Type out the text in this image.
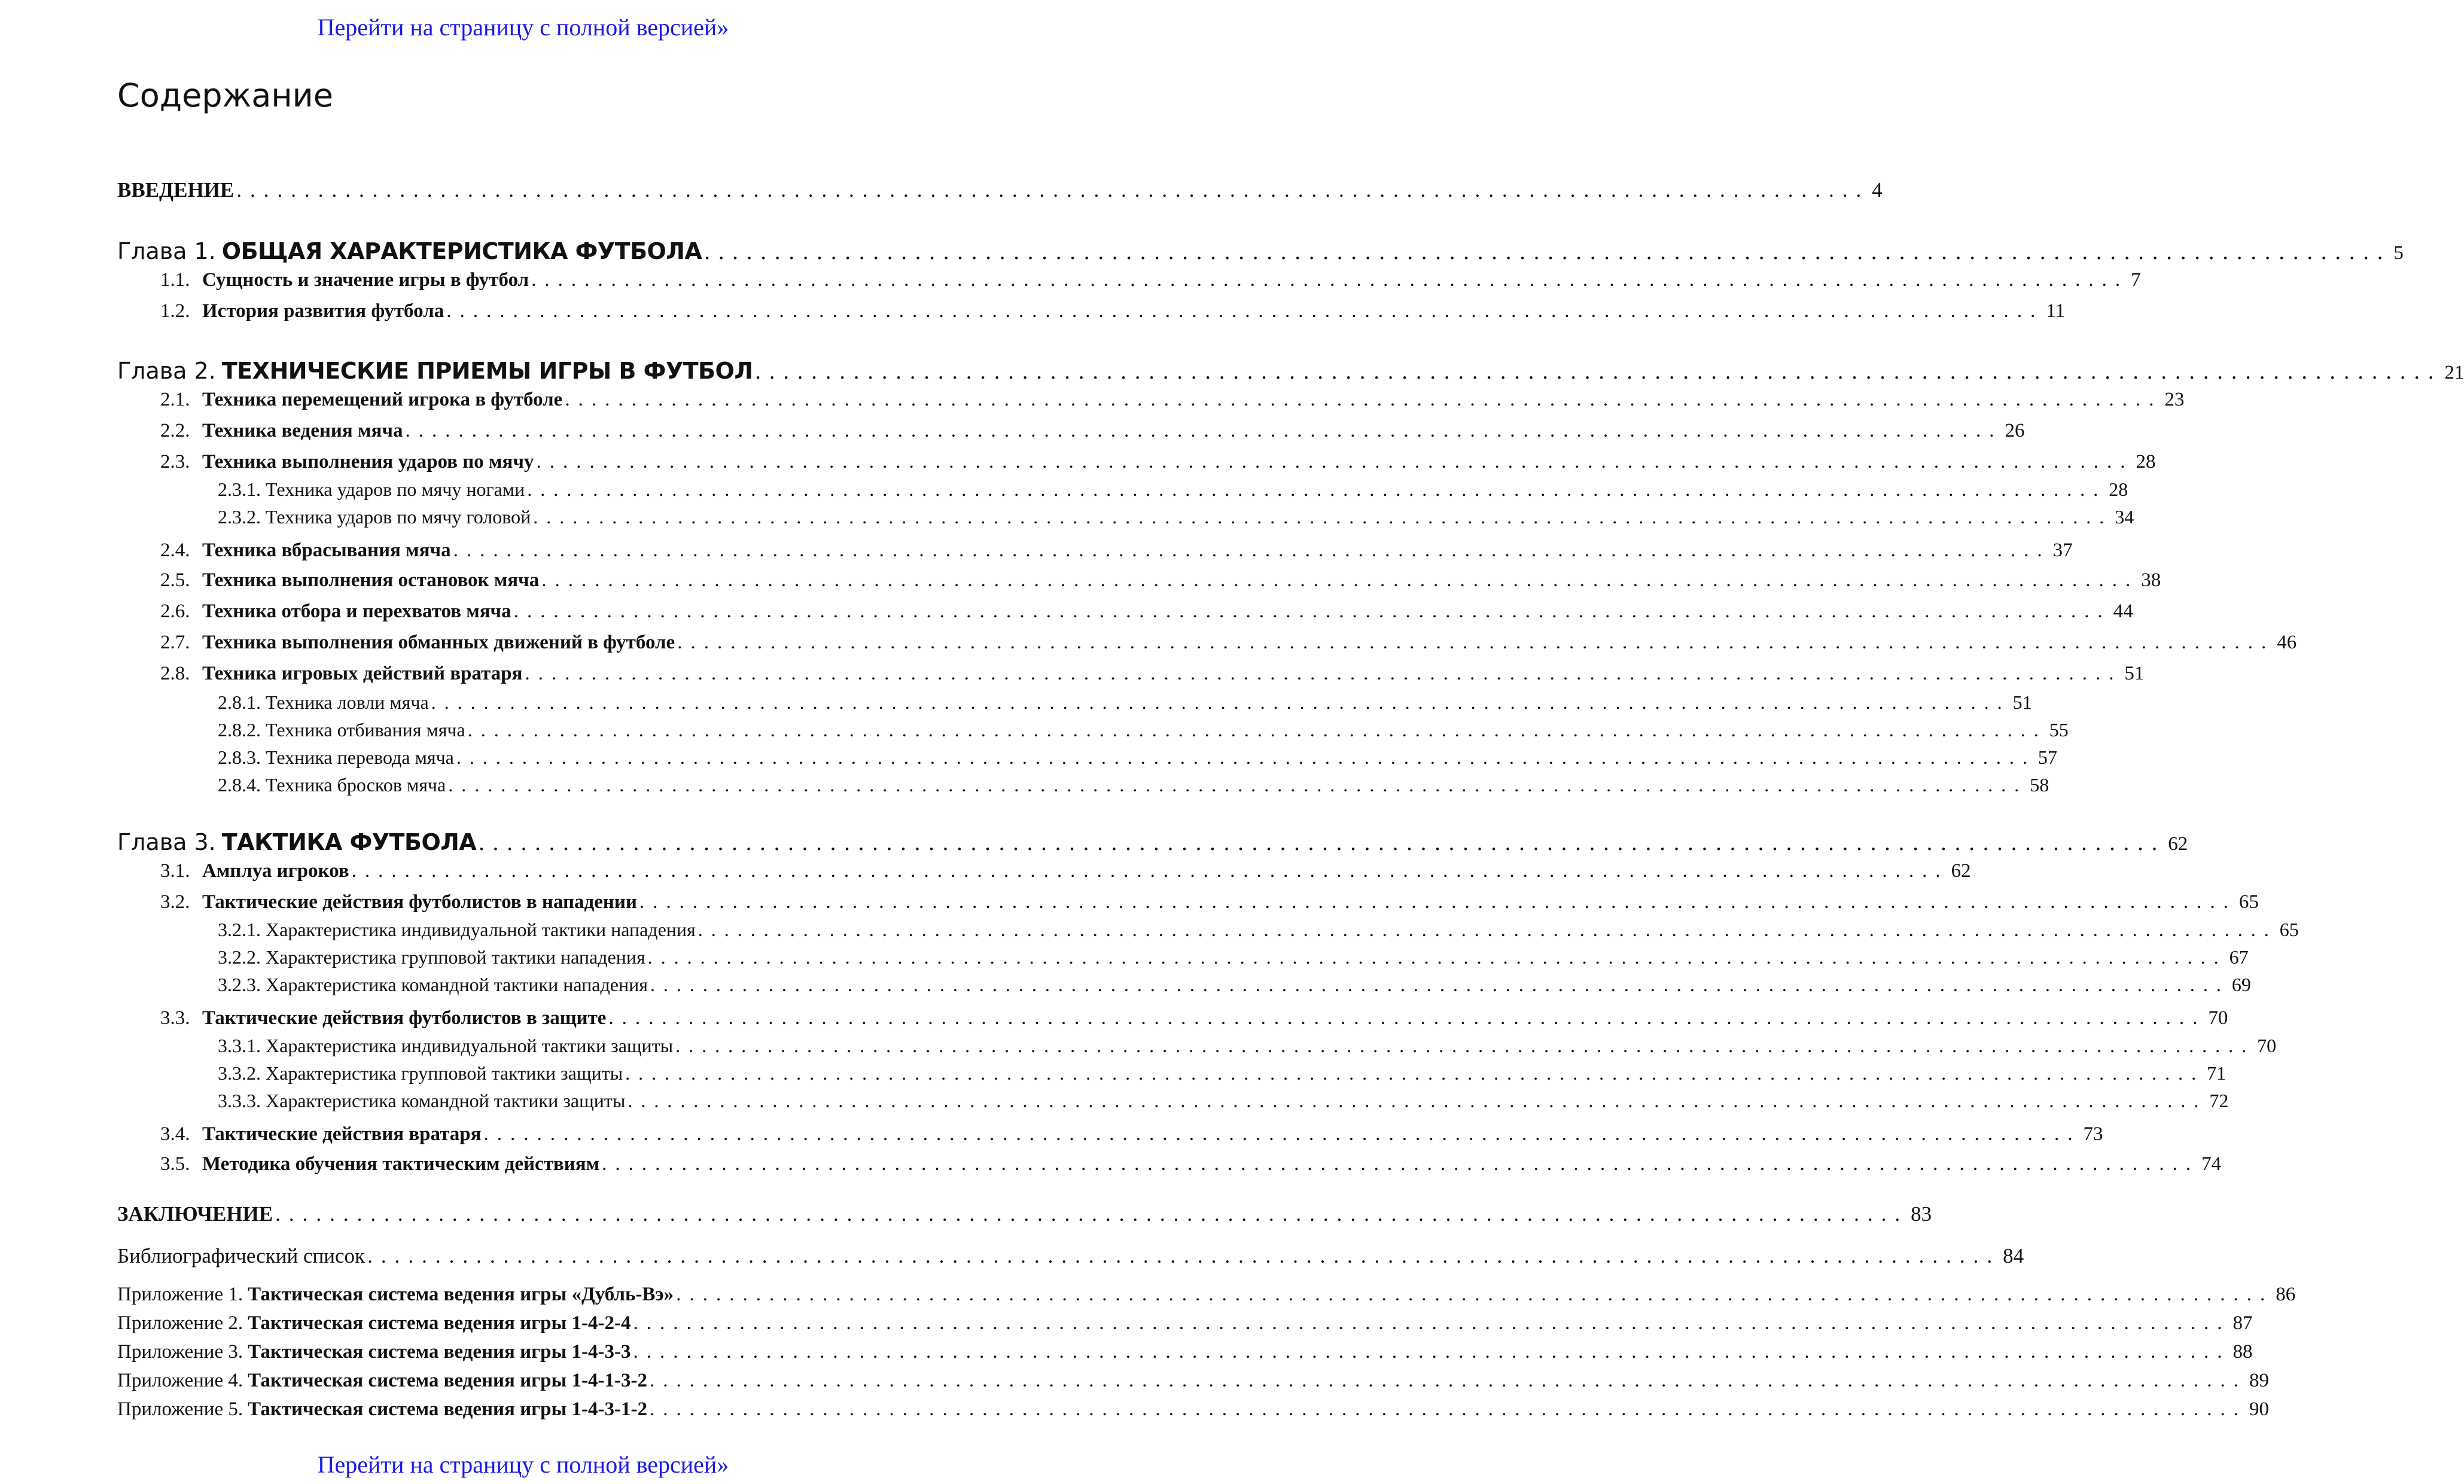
Перейти на страницу с полной версией»
Содержание
ВВЕДЕНИЕ ........................................................................................................................ 4
Глава 1. ОБЩАЯ ХАРАКТЕРИСТИКА ФУТБОЛА ........................................................................................................................ 5
1.1. Сущность и значение игры в футбол ........................................................................................................................ 7
1.2. История развития футбола ........................................................................................................................ 11
Глава 2. ТЕХНИЧЕСКИЕ ПРИЕМЫ ИГРЫ В ФУТБОЛ ........................................................................................................................ 21
2.1. Техника перемещений игрока в футболе ........................................................................................................................ 23
2.2. Техника ведения мяча ........................................................................................................................ 26
2.3. Техника выполнения ударов по мячу ........................................................................................................................ 28
2.3.1. Техника ударов по мячу ногами ........................................................................................................................ 28
2.3.2. Техника ударов по мячу головой ........................................................................................................................ 34
2.4. Техника вбрасывания мяча ........................................................................................................................ 37
2.5. Техника выполнения остановок мяча ........................................................................................................................ 38
2.6. Техника отбора и перехватов мяча ........................................................................................................................ 44
2.7. Техника выполнения обманных движений в футболе ........................................................................................................................ 46
2.8. Техника игровых действий вратаря ........................................................................................................................ 51
2.8.1. Техника ловли мяча ........................................................................................................................ 51
2.8.2. Техника отбивания мяча ........................................................................................................................ 55
2.8.3. Техника перевода мяча ........................................................................................................................ 57
2.8.4. Техника бросков мяча ........................................................................................................................ 58
Глава 3. ТАКТИКА ФУТБОЛА ........................................................................................................................ 62
3.1. Амплуа игроков ........................................................................................................................ 62
3.2. Тактические действия футболистов в нападении ........................................................................................................................ 65
3.2.1. Характеристика индивидуальной тактики нападения ........................................................................................................................ 65
3.2.2. Характеристика групповой тактики нападения ........................................................................................................................ 67
3.2.3. Характеристика командной тактики нападения ........................................................................................................................ 69
3.3. Тактические действия футболистов в защите ........................................................................................................................ 70
3.3.1. Характеристика индивидуальной тактики защиты ........................................................................................................................ 70
3.3.2. Характеристика групповой тактики защиты ........................................................................................................................ 71
3.3.3. Характеристика командной тактики защиты ........................................................................................................................ 72
3.4. Тактические действия вратаря ........................................................................................................................ 73
3.5. Методика обучения тактическим действиям ........................................................................................................................ 74
ЗАКЛЮЧЕНИЕ ........................................................................................................................ 83
Библиографический список ........................................................................................................................ 84
Приложение 1. Тактическая система ведения игры «Дубль-Вэ» ........................................................................................................................ 86
Приложение 2. Тактическая система ведения игры 1-4-2-4 ........................................................................................................................ 87
Приложение 3. Тактическая система ведения игры 1-4-3-3 ........................................................................................................................ 88
Приложение 4. Тактическая система ведения игры 1-4-1-3-2 ........................................................................................................................ 89
Приложение 5. Тактическая система ведения игры 1-4-3-1-2 ........................................................................................................................ 90
Перейти на страницу с полной версией»
